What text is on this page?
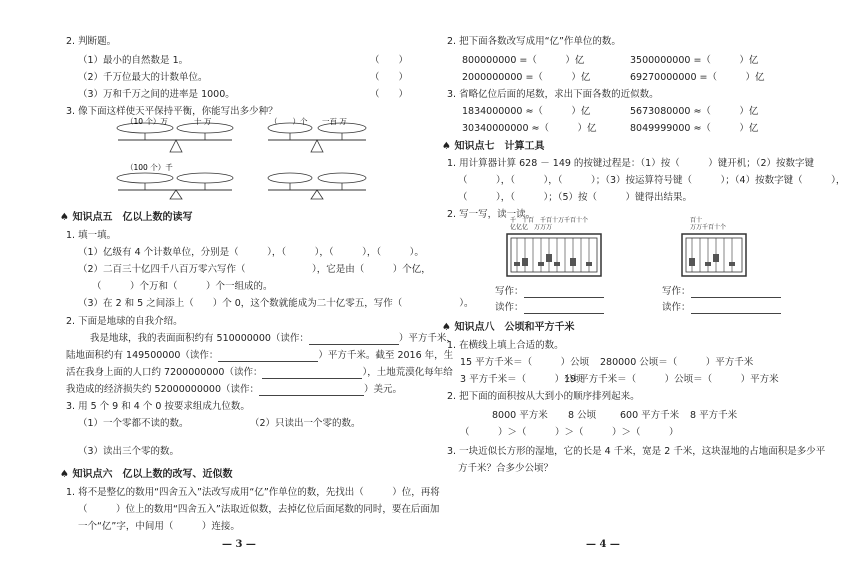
2. 判断题。
（1）最小的自然数是 1。	（　　）
（2）千万位最大的计数单位。	（　　）
（3）万和千万之间的进率是 1000。	（　　）
3. 像下面这样使天平保持平衡，你能写出多少种？
（10 个）万	十 万	（　　）个 一百 万
（100 个）千
♠ 知识点五　亿以上数的读写
1. 填一填。
（1）亿级有 4 个计数单位，分别是（　　　），（　　　），（　　　），（　　　）。
（2）二百三十亿四千八百万零六写作（　　　　　　　），它是由（　　　）个亿，
（　　　）个万和（　　　）个一组成的。
（3）在 2 和 5 之间添上（　　）个 0，这个数就能成为二十亿零五，写作（　　　　　　）。
2. 下面是地球的自我介绍。
我是地球，我的表面面积约有 510000000（读作：	）平方千米，
陆地面积约有 149500000（读作：	）平方千米。截至 2016 年，生
活在我身上面的人口约 7200000000（读作：	），土地荒漠化每年给
我造成的经济损失约 52000000000（读作：	）美元。
3. 用 5 个 9 和 4 个 0 按要求组成九位数。
（1）一个零都不读的数。	（2）只读出一个零的数。
（3）读出三个零的数。
♠ 知识点六　亿以上数的改写、近似数
1. 将不是整亿的数用“四舍五入”法改写成用“亿”作单位的数，先找出（　　　）位，再将
（　　　）位上的数用“四舍五入”法取近似数，去掉亿位后面尾数的同时，要在后面加
一个“亿”字，中间用（　　　）连接。
— 3 —
2. 把下面各数改写成用“亿”作单位的数。
800000000 =（　　　）亿	3500000000 =（　　　）亿
2000000000 =（　　　）亿	69270000000 =（　　　）亿
3. 省略亿位后面的尾数，求出下面各数的近似数。
1834000000 ≈（　　　）亿	5673080000 ≈（　　　）亿
30340000000 ≈（　　　）亿	8049999000 ≈（　　　）亿
♠ 知识点七　计算工具
1. 用计算器计算 628 － 149 的按键过程是：（1）按（　　　）键开机；（2）按数字键
（　　　），（　　　），（　　　）；（3）按运算符号键（　　　）；（4）按数字键（　　　），
（　　　），（　　　）；（5）按（　　　）键得出结果。
2. 写一写，读一读。
千　十百　千百十万千百十个
亿亿亿　万万万
写作：
读作：
百十
万万千百十个
写作：
读作：
♠ 知识点八　公顷和平方千米
1. 在横线上填上合适的数。
15 平方千米＝（　　　）公顷 280000 公顷＝（　　　）平方千米
3 平方千米＝（　　　）公顷
19 平方千米＝（　　　）公顷＝（　　　）平方米
2. 把下面的面积按从大到小的顺序排列起来。
8000 平方米 8 公顷	600 平方千米 8 平方千米
（　　　）＞（　　　）＞（　　　）＞（　　　）
3. 一块近似长方形的湿地，它的长是 4 千米，宽是 2 千米，这块湿地的占地面积是多少平
方千米？合多少公顷？
— 4 —
